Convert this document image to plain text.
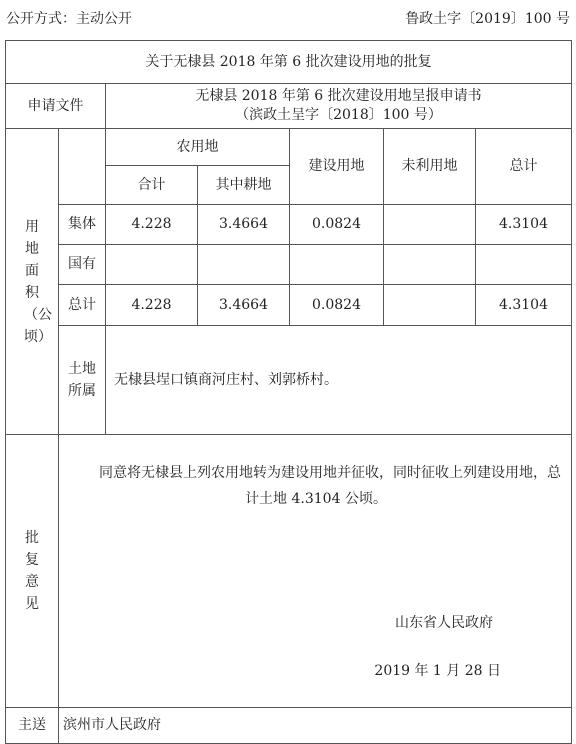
公开方式：主动公开	鲁政土字〔2019〕100 号
关于无棣县 2018 年第 6 批次建设用地的批复						
申请文件		无棣县 2018 年第 6 批次建设用地呈报申请书
（滨政土呈字〔2018〕100 号）				

用地面积（公顷）		农用地		建设用地	未利用地	总计
		合计	其中耕地			
	集体	4.228	3.4664	0.0824		4.3104
	国有					
	总计	4.228	3.4664	0.0824		4.3104
	土地所属	无棣县埕口镇商河庄村、刘郭桥村。				
批复意见	同意将无棣县上列农用地转为建设用地并征收，同时征收上列建设用地，总计土地 4.3104 公顷。
山东省人民政府
2019 年 1 月 28 日					

主送	滨州市人民政府					
